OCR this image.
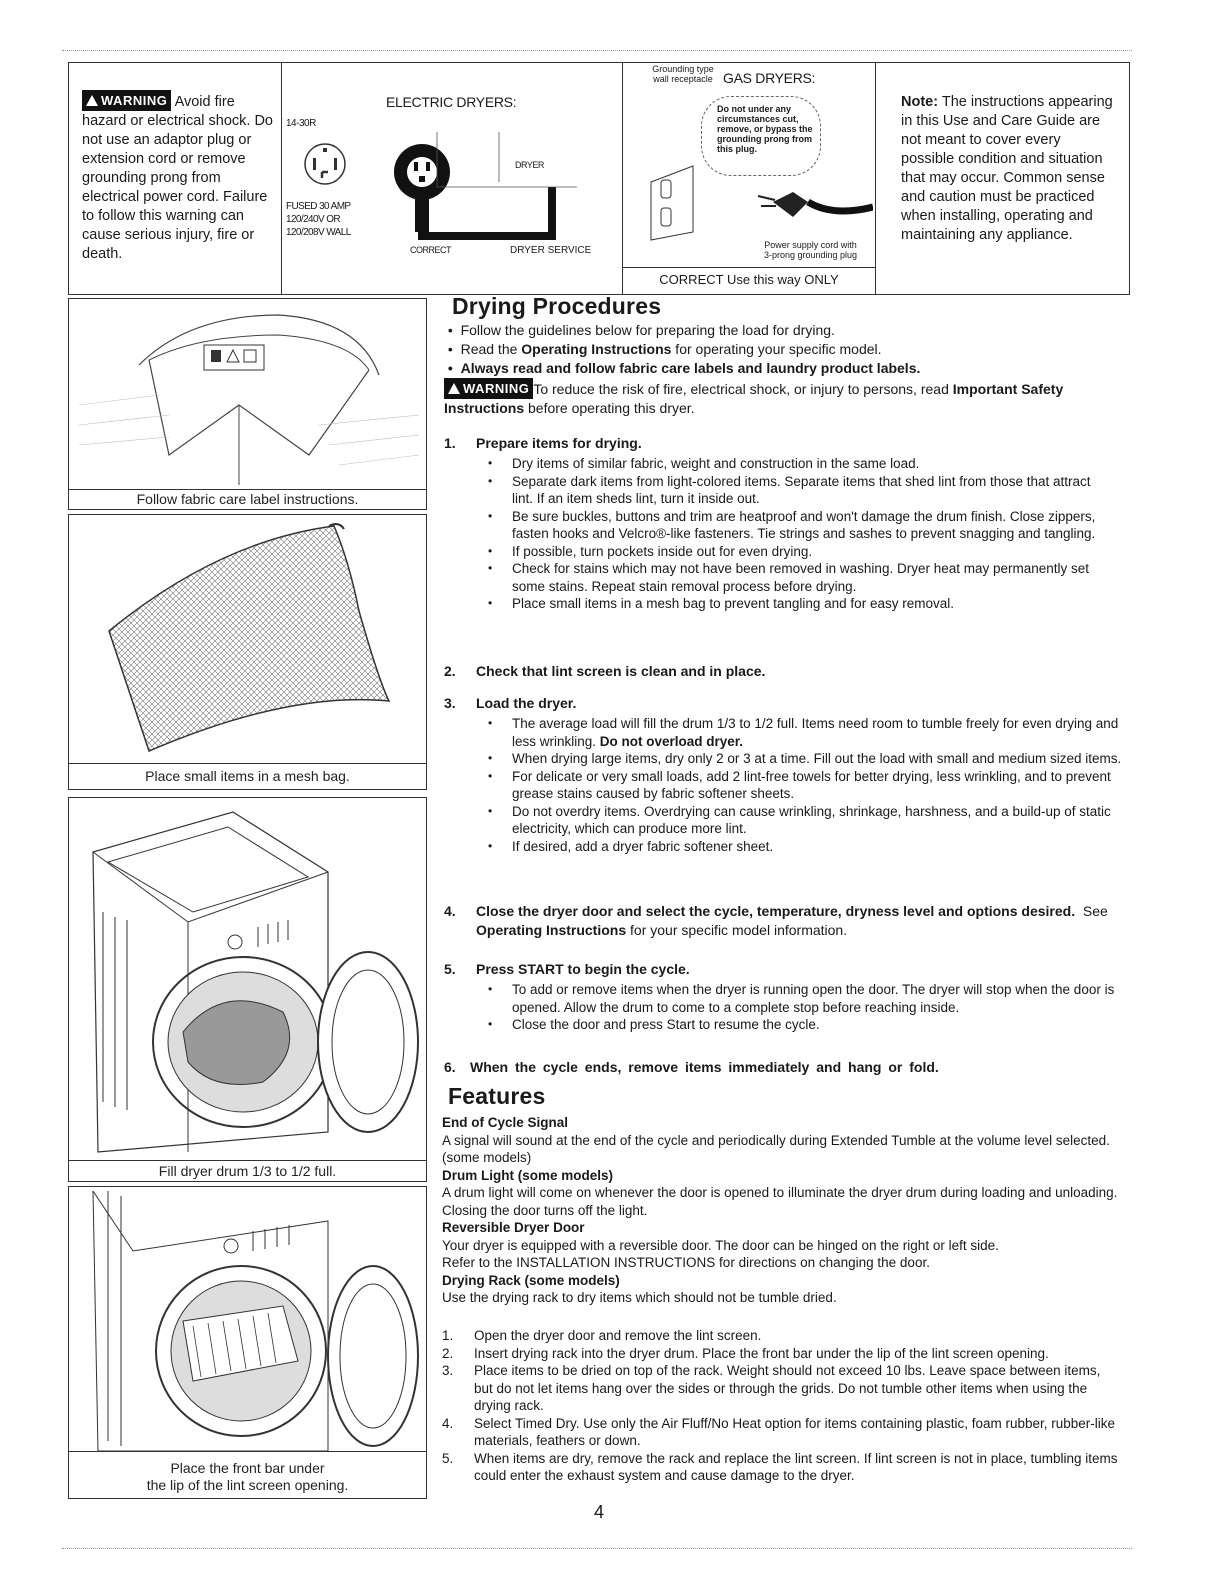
WARNING Avoid fire hazard or electrical shock. Do not use an adaptor plug or extension cord or remove grounding prong from electrical power cord. Failure to follow this warning can cause serious injury, fire or death.
ELECTRIC DRYERS:
14-30R
FUSED 30 AMP
120/240V OR
120/208V WALL
DRYER
CORRECT	DRYER SERVICE
Grounding type wall receptacle GAS DRYERS:
Do not under any circumstances cut, remove, or bypass the grounding prong from this plug.
Power supply cord with 3-prong grounding plug
CORRECT Use this way ONLY
Note: The instructions appearing in this Use and Care Guide are not meant to cover every possible condition and situation that may occur. Common sense and caution must be practiced when installing, operating and maintaining any appliance.
Follow fabric care label instructions.
Place small items in a mesh bag.
Fill dryer drum 1/3 to 1/2 full.
Place the front bar under
the lip of the lint screen opening.
Drying Procedures
•  Follow the guidelines below for preparing the load for drying.
•  Read the Operating Instructions for operating your specific model.
•  Always read and follow fabric care labels and laundry product labels.
WARNING To reduce the risk of fire, electrical shock, or injury to persons, read Important Safety Instructions before operating this dryer.
1. Prepare items for drying.
• Dry items of similar fabric, weight and construction in the same load.
• Separate dark items from light-colored items. Separate items that shed lint from those that attract lint. If an item sheds lint, turn it inside out.
• Be sure buckles, buttons and trim are heatproof and won't damage the drum finish. Close zippers, fasten hooks and Velcro®-like fasteners. Tie strings and sashes to prevent snagging and tangling.
• If possible, turn pockets inside out for even drying.
• Check for stains which may not have been removed in washing. Dryer heat may permanently set some stains. Repeat stain removal process before drying.
• Place small items in a mesh bag to prevent tangling and for easy removal.
2. Check that lint screen is clean and in place.
3. Load the dryer.
• The average load will fill the drum 1/3 to 1/2 full. Items need room to tumble freely for even drying and less wrinkling. Do not overload dryer.
• When drying large items, dry only 2 or 3 at a time. Fill out the load with small and medium sized items.
• For delicate or very small loads, add 2 lint-free towels for better drying, less wrinkling, and to prevent grease stains caused by fabric softener sheets.
• Do not overdry items. Overdrying can cause wrinkling, shrinkage, harshness, and a build-up of static electricity, which can produce more lint.
• If desired, add a dryer fabric softener sheet.
4. Close the dryer door and select the cycle, temperature, dryness level and options desired. See Operating Instructions for your specific model information.
5. Press START to begin the cycle.
• To add or remove items when the dryer is running open the door. The dryer will stop when the door is opened. Allow the drum to come to a complete stop before reaching inside.
• Close the door and press Start to resume the cycle.
6. When the cycle ends, remove items immediately and hang or fold.
Features
End of Cycle Signal
A signal will sound at the end of the cycle and periodically during Extended Tumble at the volume level selected. (some models)
Drum Light (some models)
A drum light will come on whenever the door is opened to illuminate the dryer drum during loading and unloading. Closing the door turns off the light.
Reversible Dryer Door
Your dryer is equipped with a reversible door. The door can be hinged on the right or left side.
Refer to the INSTALLATION INSTRUCTIONS for directions on changing the door.
Drying Rack (some models)
Use the drying rack to dry items which should not be tumble dried.
1.	Open the dryer door and remove the lint screen.
2.	Insert drying rack into the dryer drum. Place the front bar under the lip of the lint screen opening.
3.	Place items to be dried on top of the rack. Weight should not exceed 10 lbs. Leave space between items, but do not let items hang over the sides or through the grids. Do not tumble other items when using the drying rack.
4.	Select Timed Dry. Use only the Air Fluff/No Heat option for items containing plastic, foam rubber, rubber-like materials, feathers or down.
5.	When items are dry, remove the rack and replace the lint screen. If lint screen is not in place, tumbling items could enter the exhaust system and cause damage to the dryer.
4
